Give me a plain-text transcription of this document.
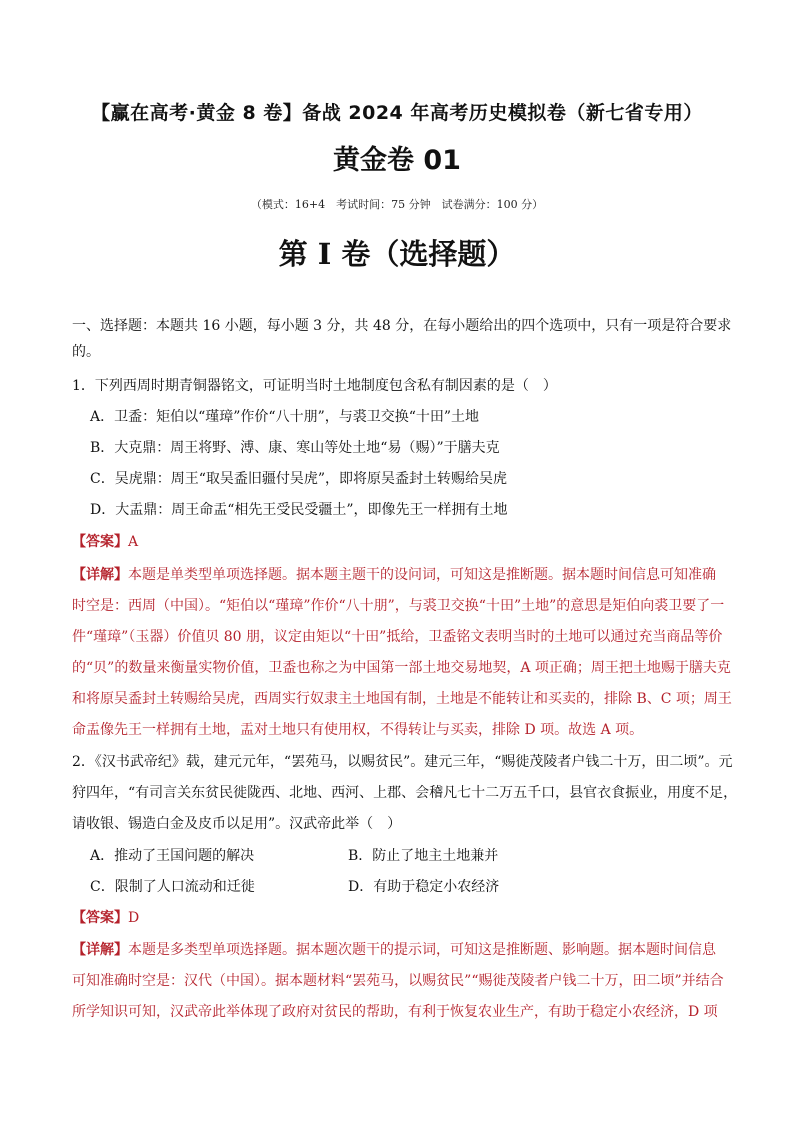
【赢在高考·黄金 8 卷】备战 2024 年高考历史模拟卷（新七省专用）
黄金卷 01
（模式：16+4　考试时间：75 分钟　试卷满分：100 分）
第 I 卷（选择题）
一、选择题：本题共 16 小题，每小题 3 分，共 48 分，在每小题给出的四个选项中，只有一项是符合要求
的。
1．下列西周时期青铜器铭文，可证明当时土地制度包含私有制因素的是（　）
A．卫盉：矩伯以“瑾璋”作价“八十朋”，与裘卫交换“十田”土地
B．大克鼎：周王将野、溥、康、寒山等处土地“易（赐）”于膳夫克
C．吴虎鼎：周王“取吴盉旧疆付吴虎”，即将原吴盉封土转赐给吴虎
D．大盂鼎：周王命盂“相先王受民受疆土”，即像先王一样拥有土地
【答案】A
【详解】本题是单类型单项选择题。据本题主题干的设问词，可知这是推断题。据本题时间信息可知准确
时空是：西周（中国）。“矩伯以“瑾璋”作价“八十朋”，与裘卫交换“十田”土地”的意思是矩伯向裘卫要了一
件“瑾璋”（玉器）价值贝 80 朋，议定由矩以“十田”抵给，卫盉铭文表明当时的土地可以通过充当商品等价
的“贝”的数量来衡量实物价值，卫盉也称之为中国第一部土地交易地契，A 项正确；周王把土地赐于膳夫克
和将原吴盉封土转赐给吴虎，西周实行奴隶主土地国有制，土地是不能转让和买卖的，排除 B、C 项；周王
命盂像先王一样拥有土地，盂对土地只有使用权，不得转让与买卖，排除 D 项。故选 A 项。
2．《汉书武帝纪》载，建元元年，“罢苑马，以赐贫民”。建元三年，“赐徙茂陵者户钱二十万，田二顷”。元
狩四年，“有司言关东贫民徙陇西、北地、西河、上郡、会稽凡七十二万五千口，县官衣食振业，用度不足，
请收银、锡造白金及皮币以足用”。汉武帝此举（　）
A．推动了王国问题的解决	B．防止了地主土地兼并
C．限制了人口流动和迁徙	D．有助于稳定小农经济
【答案】D
【详解】本题是多类型单项选择题。据本题次题干的提示词，可知这是推断题、影响题。据本题时间信息
可知准确时空是：汉代（中国）。据本题材料“罢苑马，以赐贫民”“赐徙茂陵者户钱二十万，田二顷”并结合
所学知识可知，汉武帝此举体现了政府对贫民的帮助，有利于恢复农业生产，有助于稳定小农经济，D 项
